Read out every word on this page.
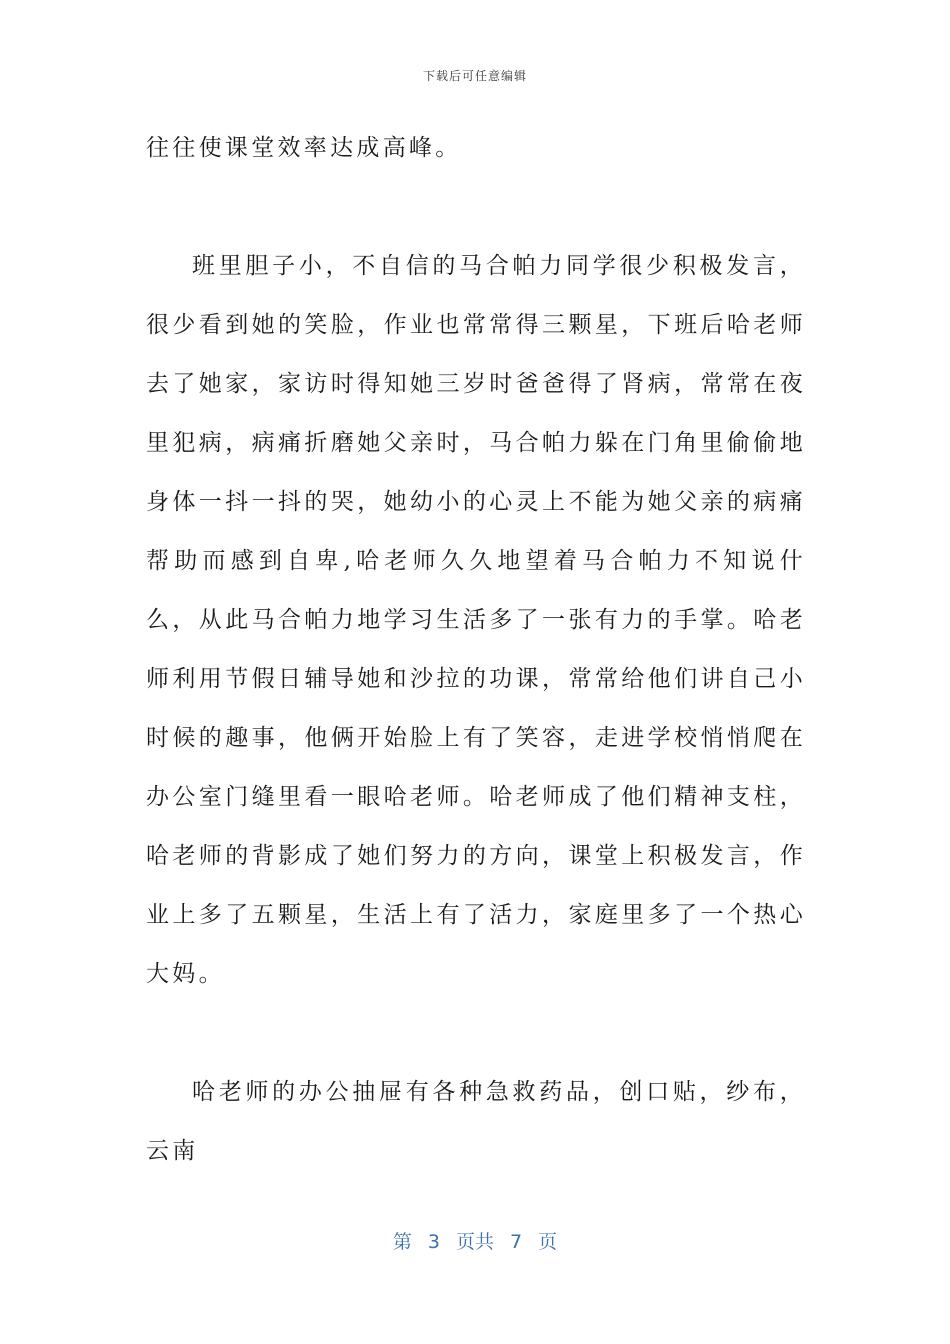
下载后可任意编辑

往往使课堂效率达成高峰。

班里胆子小，不自信的马合帕力同学很少积极发言，很少看到她的笑脸，作业也常常得三颗星，下班后哈老师去了她家，家访时得知她三岁时爸爸得了肾病，常常在夜里犯病，病痛折磨她父亲时，马合帕力躲在门角里偷偷地身体一抖一抖的哭，她幼小的心灵上不能为她父亲的病痛帮助而感到自卑,哈老师久久地望着马合帕力不知说什么，从此马合帕力地学习生活多了一张有力的手掌。哈老师利用节假日辅导她和沙拉的功课，常常给他们讲自己小时候的趣事，他俩开始脸上有了笑容，走进学校悄悄爬在办公室门缝里看一眼哈老师。哈老师成了他们精神支柱，哈老师的背影成了她们努力的方向，课堂上积极发言，作业上多了五颗星，生活上有了活力，家庭里多了一个热心大妈。

哈老师的办公抽屉有各种急救药品，创口贴，纱布，云南

第 3 页共 7 页
